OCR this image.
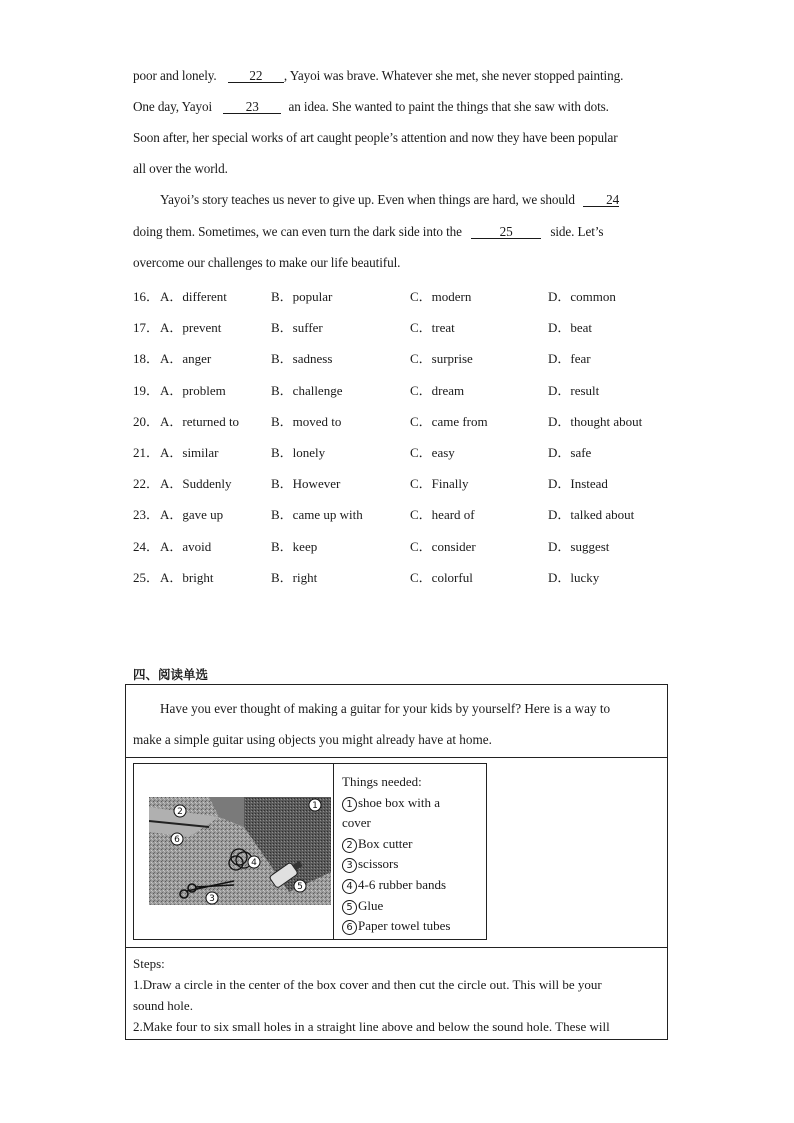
poor and lonely. 22 , Yayoi was brave. Whatever she met, she never stopped painting.
One day, Yayoi	23 an idea. She wanted to paint the things that she saw with dots.
Soon after, her special works of art caught people’s attention and now they have been popular
all over the world.
Yayoi’s story teaches us never to give up. Even when things are hard, we should 24
doing them. Sometimes, we can even turn the dark side into the	25	side. Let’s
overcome our challenges to make our life beautiful.
16． A．different	B．popular	C．modern	D．common
17． A．prevent	B．suffer	C．treat	D．beat
18． A．anger	B．sadness	C．surprise	D．fear
19． A．problem	B．challenge	C．dream	D．result
20． A．returned to B．moved to	C．came from	D．thought about
21． A．similar	B．lonely	C．easy	D．safe
22． A．Suddenly	B．However	C．Finally	D．Instead
23． A．gave up	B．came up with	C．heard of	D．talked about
24． A．avoid	B．keep	C．consider	D．suggest
25． A．bright	B．right	C．colorful	D．lucky
四、阅读单选
Have you ever thought of making a guitar for your kids by yourself? Here is a way to
make a simple guitar using objects you might already have at home.
1
2
3
4
5
6
Things needed:
1 shoe box with a
cover
2 Box cutter
3 scissors
4 4-6 rubber bands
5 Glue
6 Paper towel tubes
Steps:
1.Draw a circle in the center of the box cover and then cut the circle out. This will be your
sound hole.
2.Make four to six small holes in a straight line above and below the sound hole. These will
